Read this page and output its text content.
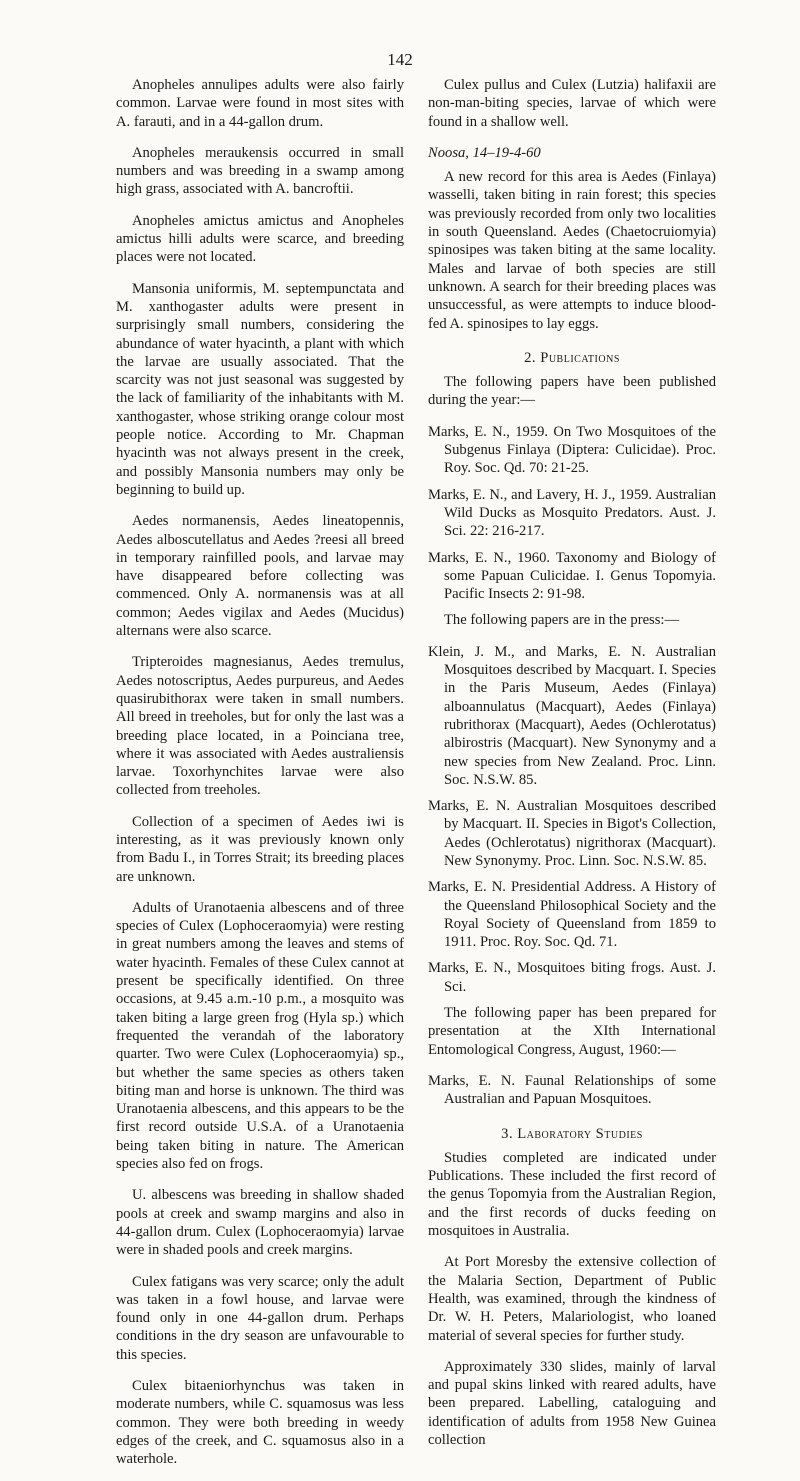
142

Anopheles annulipes adults were also fairly common. Larvae were found in most sites with A. farauti, and in a 44-gallon drum.

Anopheles meraukensis occurred in small numbers and was breeding in a swamp among high grass, associated with A. bancroftii.

Anopheles amictus amictus and Anopheles amictus hilli adults were scarce, and breeding places were not located.

Mansonia uniformis, M. septempunctata and M. xanthogaster adults were present in surprisingly small numbers, considering the abundance of water hyacinth, a plant with which the larvae are usually associated. That the scarcity was not just seasonal was suggested by the lack of familiarity of the inhabitants with M. xanthogaster, whose striking orange colour most people notice. According to Mr. Chapman hyacinth was not always present in the creek, and possibly Mansonia numbers may only be beginning to build up.

Aedes normanensis, Aedes lineatopennis, Aedes alboscutellatus and Aedes ?reesi all breed in temporary rainfilled pools, and larvae may have disappeared before collecting was commenced. Only A. normanensis was at all common; Aedes vigilax and Aedes (Mucidus) alternans were also scarce.

Tripteroides magnesianus, Aedes tremulus, Aedes notoscriptus, Aedes purpureus, and Aedes quasirubithorax were taken in small numbers. All breed in treeholes, but for only the last was a breeding place located, in a Poinciana tree, where it was associated with Aedes australiensis larvae. Toxorhynchites larvae were also collected from treeholes.

Collection of a specimen of Aedes iwi is interesting, as it was previously known only from Badu I., in Torres Strait; its breeding places are unknown.

Adults of Uranotaenia albescens and of three species of Culex (Lophoceraomyia) were resting in great numbers among the leaves and stems of water hyacinth. Females of these Culex cannot at present be specifically identified. On three occasions, at 9.45 a.m.-10 p.m., a mosquito was taken biting a large green frog (Hyla sp.) which frequented the verandah of the laboratory quarter. Two were Culex (Lophoceraomyia) sp., but whether the same species as others taken biting man and horse is unknown. The third was Uranotaenia albescens, and this appears to be the first record outside U.S.A. of a Uranotaenia being taken biting in nature. The American species also fed on frogs.

U. albescens was breeding in shallow shaded pools at creek and swamp margins and also in 44-gallon drum. Culex (Lophoceraomyia) larvae were in shaded pools and creek margins.

Culex fatigans was very scarce; only the adult was taken in a fowl house, and larvae were found only in one 44-gallon drum. Perhaps conditions in the dry season are unfavourable to this species.

Culex bitaeniorhynchus was taken in moderate numbers, while C. squamosus was less common. They were both breeding in weedy edges of the creek, and C. squamosus also in a waterhole.

Culex pullus and Culex (Lutzia) halifaxii are non-man-biting species, larvae of which were found in a shallow well.

Noosa, 14–19-4-60

A new record for this area is Aedes (Finlaya) wasselli, taken biting in rain forest; this species was previously recorded from only two localities in south Queensland. Aedes (Chaetocruiomyia) spinosipes was taken biting at the same locality. Males and larvae of both species are still unknown. A search for their breeding places was unsuccessful, as were attempts to induce blood-fed A. spinosipes to lay eggs.

2. Publications

The following papers have been published during the year:—

Marks, E. N., 1959. On Two Mosquitoes of the Subgenus Finlaya (Diptera: Culicidae). Proc. Roy. Soc. Qd. 70: 21-25.

Marks, E. N., and Lavery, H. J., 1959. Australian Wild Ducks as Mosquito Predators. Aust. J. Sci. 22: 216-217.

Marks, E. N., 1960. Taxonomy and Biology of some Papuan Culicidae. I. Genus Topomyia. Pacific Insects 2: 91-98.

The following papers are in the press:—

Klein, J. M., and Marks, E. N. Australian Mosquitoes described by Macquart. I. Species in the Paris Museum, Aedes (Finlaya) alboannulatus (Macquart), Aedes (Finlaya) rubrithorax (Macquart), Aedes (Ochlerotatus) albirostris (Macquart). New Synonymy and a new species from New Zealand. Proc. Linn. Soc. N.S.W. 85.

Marks, E. N. Australian Mosquitoes described by Macquart. II. Species in Bigot's Collection, Aedes (Ochlerotatus) nigrithorax (Macquart). New Synonymy. Proc. Linn. Soc. N.S.W. 85.

Marks, E. N. Presidential Address. A History of the Queensland Philosophical Society and the Royal Society of Queensland from 1859 to 1911. Proc. Roy. Soc. Qd. 71.

Marks, E. N., Mosquitoes biting frogs. Aust. J. Sci.

The following paper has been prepared for presentation at the XIth International Entomological Congress, August, 1960:—

Marks, E. N. Faunal Relationships of some Australian and Papuan Mosquitoes.

3. Laboratory Studies

Studies completed are indicated under Publications. These included the first record of the genus Topomyia from the Australian Region, and the first records of ducks feeding on mosquitoes in Australia.

At Port Moresby the extensive collection of the Malaria Section, Department of Public Health, was examined, through the kindness of Dr. W. H. Peters, Malariologist, who loaned material of several species for further study.

Approximately 330 slides, mainly of larval and pupal skins linked with reared adults, have been prepared. Labelling, cataloguing and identification of adults from 1958 New Guinea collection
